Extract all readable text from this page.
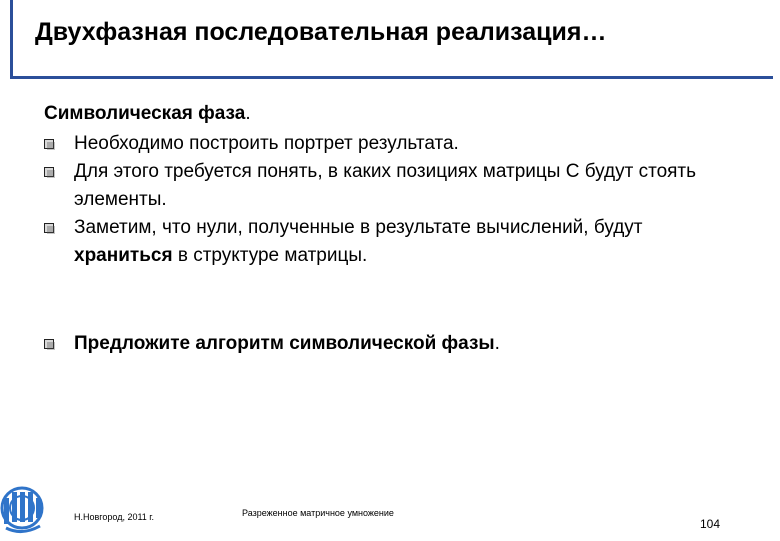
Двухфазная последовательная реализация…

Символическая фаза.

Необходимо построить портрет результата.
Для этого требуется понять, в каких позициях матрицы С будут стоять элементы.
Заметим, что нули, полученные в результате вычислений, будут храниться в структуре матрицы.
Предложите алгоритм символической фазы.
Н.Новгород, 2011 г.	Разреженное матричное умножение
104
